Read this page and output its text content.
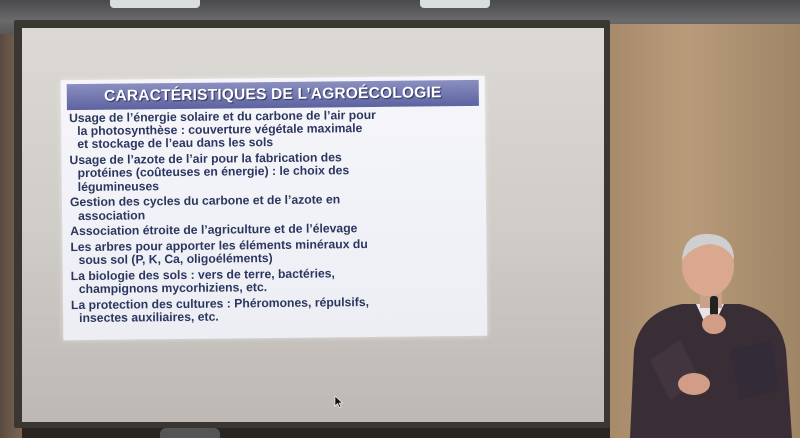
CARACTÉRISTIQUES DE L’AGROÉCOLOGIE
Usage de l’énergie solaire et du carbone de l’air pour
la photosynthèse : couverture végétale maximale
et stockage de l’eau dans les sols
Usage de l’azote de l’air pour la fabrication des
protéines (coûteuses en énergie) : le choix des
légumineuses
Gestion des cycles du carbone et de l’azote en
association
Association étroite de l’agriculture et de l’élevage
Les arbres pour apporter les éléments minéraux du
sous sol (P, K, Ca, oligoéléments)
La biologie des sols : vers de terre, bactéries,
champignons mycorhiziens, etc.
La protection des cultures : Phéromones, répulsifs,
insectes auxiliaires, etc.
